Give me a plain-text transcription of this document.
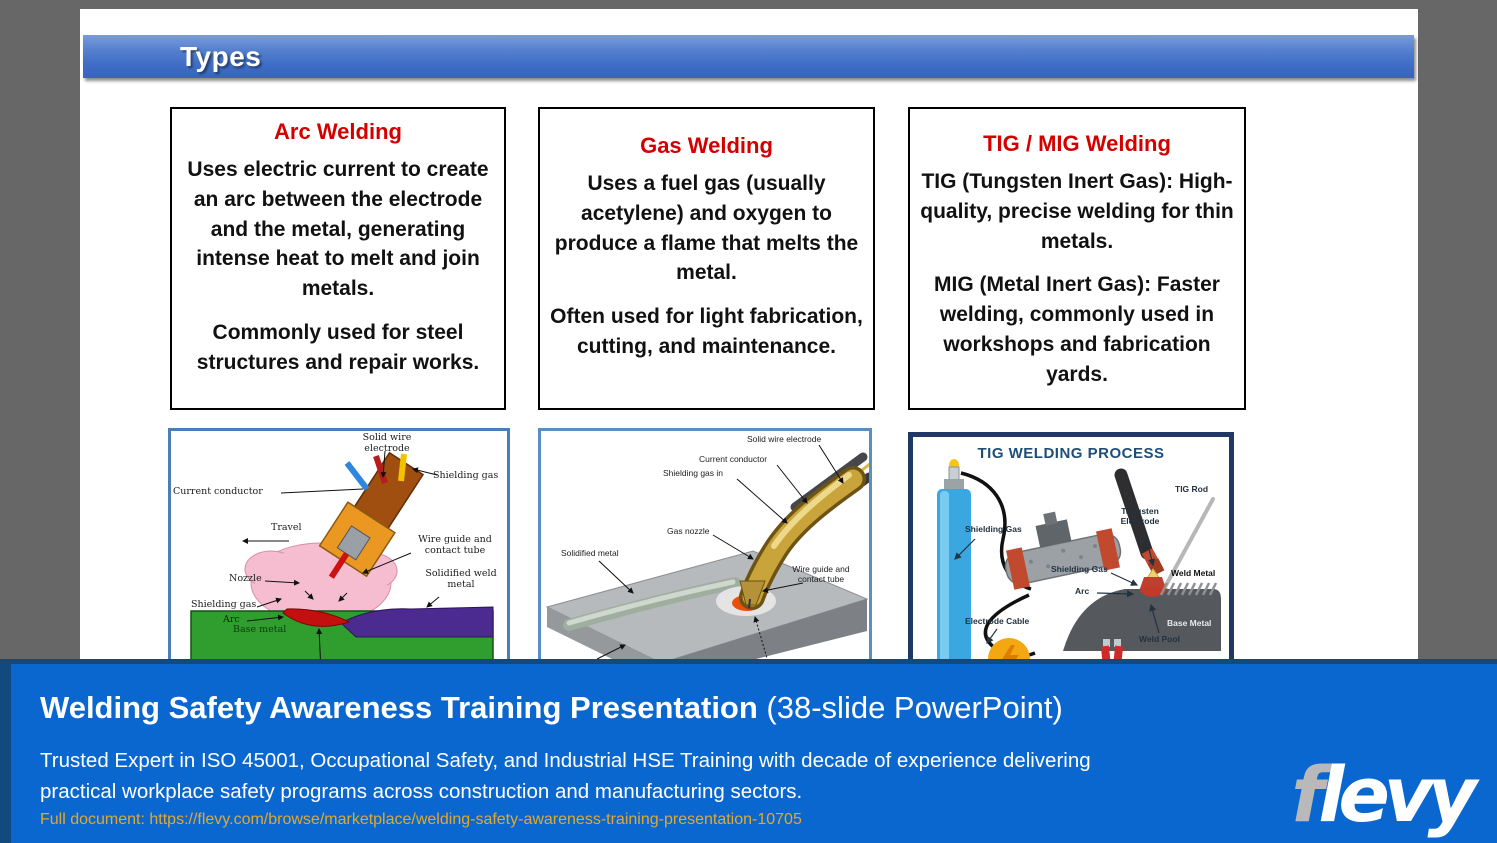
Types
Arc Welding

Uses electric current to create an arc between the electrode and the metal, generating intense heat to melt and join metals.

Commonly used for steel structures and repair works.

Gas Welding

Uses a fuel gas (usually acetylene) and oxygen to produce a flame that melts the metal.

Often used for light fabrication, cutting, and maintenance.

TIG / MIG Welding

TIG (Tungsten Inert Gas): High-quality, precise welding for thin metals.

MIG (Metal Inert Gas): Faster welding, commonly used in workshops and fabrication yards.

Solid wire electrode
Shielding gas
Current conductor
Travel
Wire guide and contact tube
Nozzle
Shielding gas
Arc
Solidified weld metal
Base metal
Solid wire electrode
Current conductor
Shielding gas in
Gas nozzle
Solidified metal
Wire guide and contact tube
TIG WELDING PROCESS
Shielding Gas
TIG Rod
Tungsten Electrode
Shielding Gas
Arc
Weld Metal
Base Metal
Weld Pool
Electrode Cable
Welding Safety Awareness Training Presentation (38-slide PowerPoint)
Trusted Expert in ISO 45001, Occupational Safety, and Industrial HSE Training with decade of experience delivering
practical workplace safety programs across construction and manufacturing sectors.
Full document: https://flevy.com/browse/marketplace/welding-safety-awareness-training-presentation-10705	flevy
